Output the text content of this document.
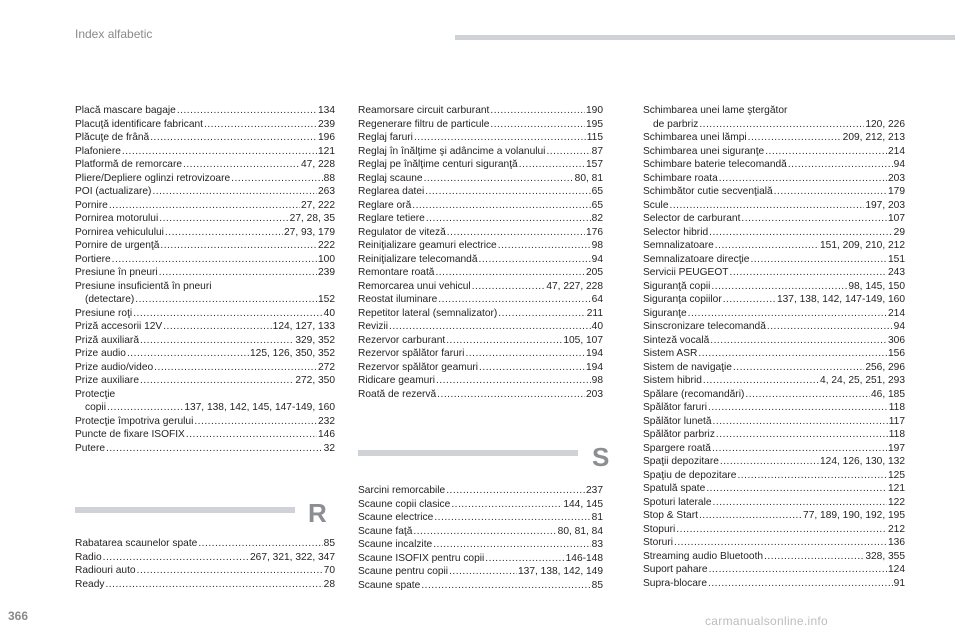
Index alfabetic
Placă mascare bagaje .....	134
Placuţă identificare fabricant .....	239
Plăcuţe de frână .....	196
Plafoniere .....	121
Platformă de remorcare .....	47, 228
Pliere/Depliere oglinzi retrovizoare .....	88
POI (actualizare) .....	263
Pornire .....	27, 222
Pornirea motorului .....	27, 28, 35
Pornirea vehiculului .....	27, 93, 179
Pornire de urgenţă .....	222
Portiere .....	100
Presiune în pneuri .....	239
Presiune insuficientă în pneuri
(detectare) .....	152
Presiune roţi .....	40
Priză accesorii 12V .....	124, 127, 133
Priză auxiliară .....	329, 352
Prize audio .....	125, 126, 350, 352
Prize audio/video .....	272
Prize auxiliare .....	272, 350
Protecţie
copii .....	137, 138, 142, 145, 147-149, 160
Protecţie împotriva gerului .....	232
Puncte de fixare ISOFIX .....	146
Putere .....	32
R
Rabatarea scaunelor spate .....	85
Radio .....	267, 321, 322, 347
Radiouri auto .....	70
Ready .....	28
Reamorsare circuit carburant .....	190
Regenerare filtru de particule .....	195
Reglaj faruri .....	115
Reglaj în înălţime şi adâncime a volanului .....	87
Reglaj pe înălţime centuri siguranţă .....	157
Reglaj scaune .....	80, 81
Reglarea datei .....	65
Reglare oră .....	65
Reglare tetiere .....	82
Regulator de viteză .....	176
Reiniţializare geamuri electrice .....	98
Reiniţializare telecomandă .....	94
Remontare roată .....	205
Remorcarea unui vehicul .....	47, 227, 228
Reostat iluminare .....	64
Repetitor lateral (semnalizator) .....	211
Revizii .....	40
Rezervor carburant .....	105, 107
Rezervor spălător faruri .....	194
Rezervor spălător geamuri .....	194
Ridicare geamuri .....	98
Roată de rezervă .....	203
S
Sarcini remorcabile .....	237
Scaune copii clasice .....	144, 145
Scaune electrice .....	81
Scaune faţă .....	80, 81, 84
Scaune incalzite .....	83
Scaune ISOFIX pentru copii .....	146-148
Scaune pentru copii .....	137, 138, 142, 149
Scaune spate .....	85
Schimbarea unei lame ştergător
de parbriz .....	120, 226
Schimbarea unei lămpi .....	209, 212, 213
Schimbarea unei siguranţe .....	214
Schimbare baterie telecomandă .....	94
Schimbare roata .....	203
Schimbător cutie secvenţială .....	179
Scule .....	197, 203
Selector de carburant .....	107
Selector hibrid .....	29
Semnalizatoare .....	151, 209, 210, 212
Semnalizatoare direcţie .....	151
Servicii PEUGEOT .....	243
Siguranţă copii .....	98, 145, 150
Siguranţa copiilor .....	137, 138, 142, 147-149, 160
Siguranţe .....	214
Sinscronizare telecomandă .....	94
Sinteză vocală .....	306
Sistem ASR .....	156
Sistem de navigaţie .....	256, 296
Sistem hibrid .....	4, 24, 25, 251, 293
Spălare (recomandări) .....	46, 185
Spălător faruri .....	118
Spălător lunetă .....	117
Spălător parbriz .....	118
Spargere roată .....	197
Spaţii depozitare .....	124, 126, 130, 132
Spaţiu de depozitare .....	125
Spatulă spate .....	121
Spoturi laterale .....	122
Stop & Start .....	77, 189, 190, 192, 195
Stopuri .....	212
Storuri .....	136
Streaming audio Bluetooth .....	328, 355
Suport pahare .....	124
Supra-blocare .....	91
366	carmanualsonline.info
